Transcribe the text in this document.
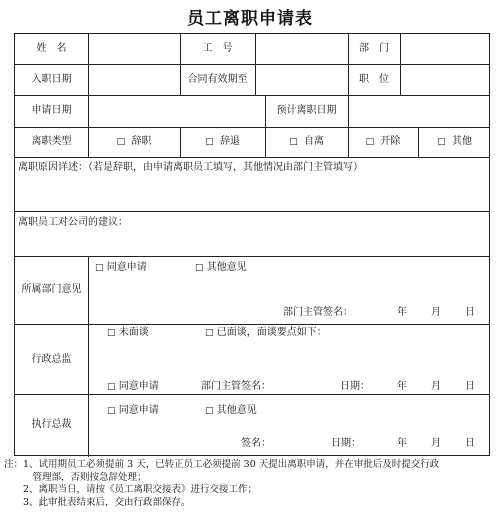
员工离职申请表
姓　名	工　号	部　门
入职日期	合同有效期至	职　位
申请日期	预计离职日期
离职类型	□ 辞职	□ 辞退	□ 自离	□ 开除	□ 其他
离职原因详述：（若是辞职，由申请离职员工填写，其他情况由部门主管填写）
离职员工对公司的建议：
所属部门意见
□ 同意申请	□ 其他意见
部门主管签名：	年 月 日
行政总监
□ 未面谈	□ 已面谈，面谈要点如下：
□ 同意申请	部门主管签名：	日期：	年 月 日
执行总裁
□ 同意申请	□ 其他意见
签名：	日期：	年 月 日
注：1、试用期员工必须提前 3 天，已转正员工必须提前 30 天提出离职申请，并在审批后及时提交行政
　　　管理部，否则按急辞处理；
　　2、离职当日，请按《员工离职交接表》进行交接工作；
　　3、此审批表结束后，交由行政部保存。
